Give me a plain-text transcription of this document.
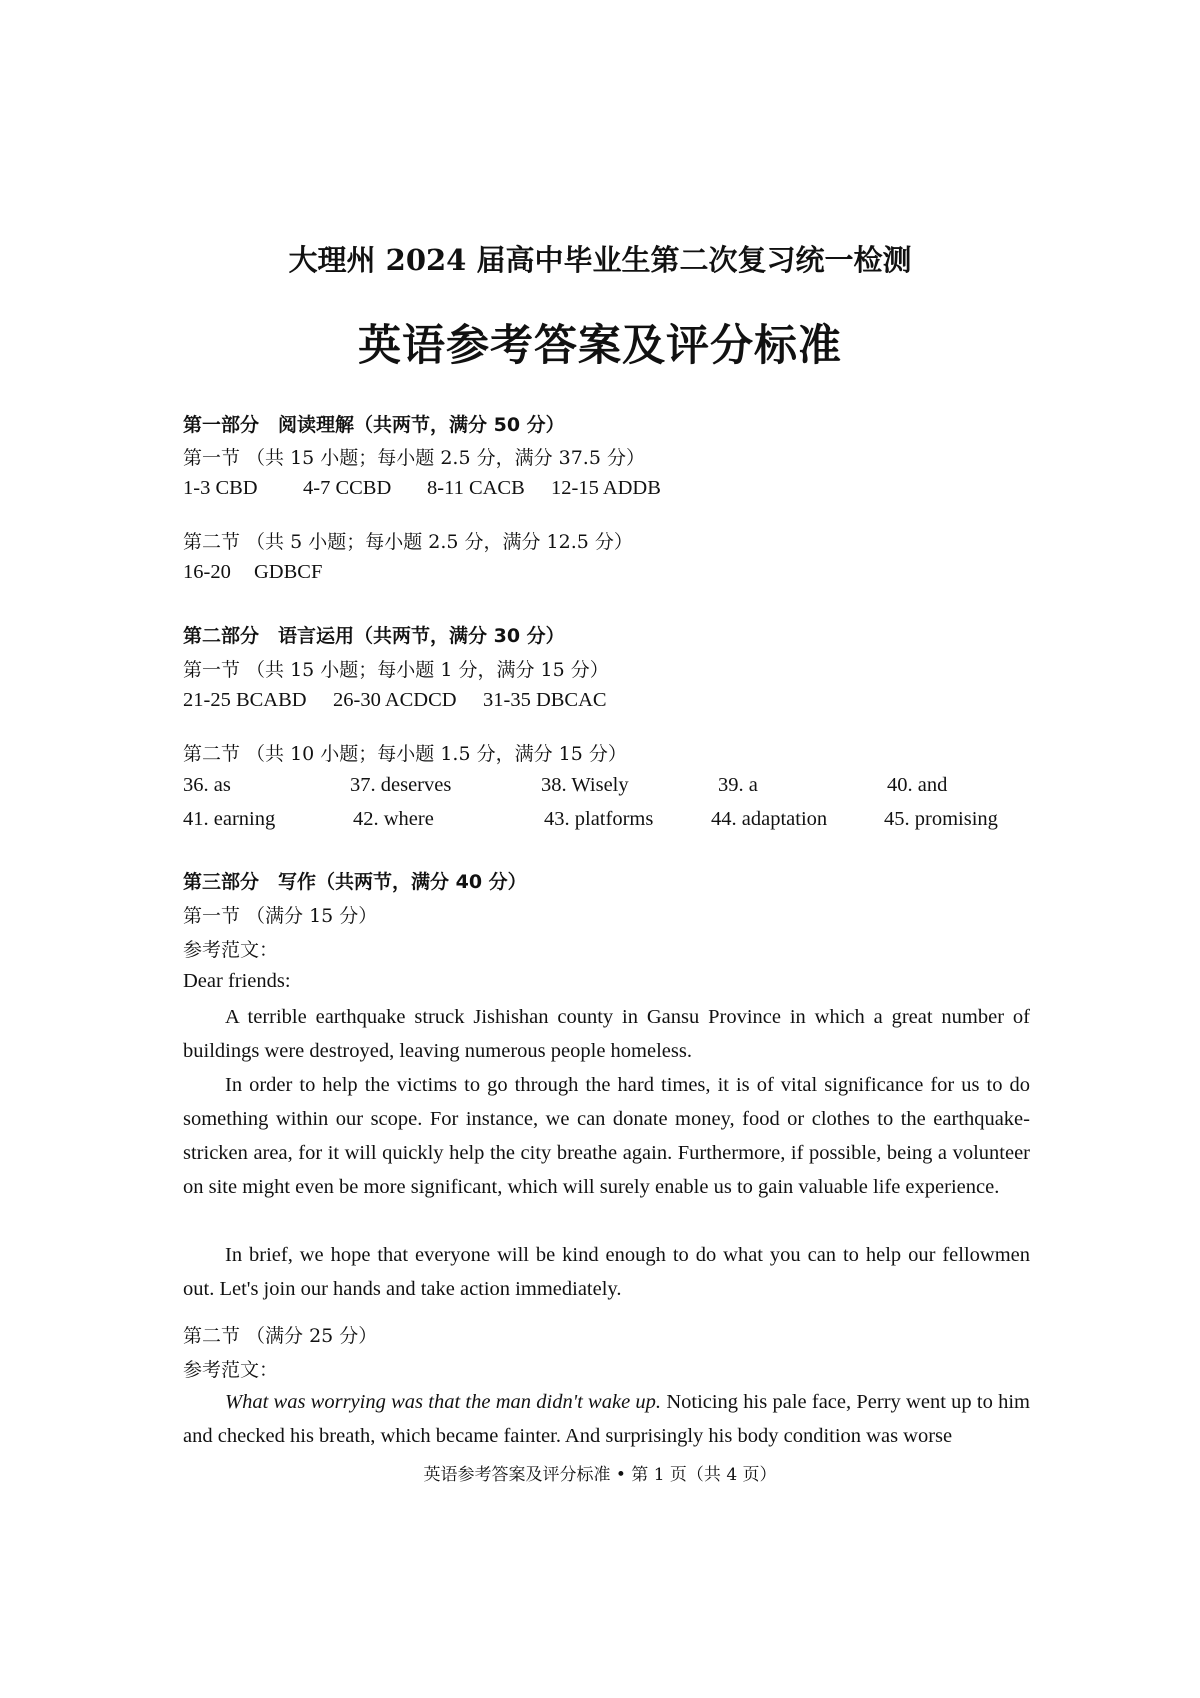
大理州 2024 届高中毕业生第二次复习统一检测
英语参考答案及评分标准
第一部分　阅读理解（共两节，满分 50 分）
第一节 （共 15 小题；每小题 2.5 分，满分 37.5 分）
1-3 CBD 4-7 CCBD 8-11 CACB 12-15 ADDB
第二节 （共 5 小题；每小题 2.5 分，满分 12.5 分）
16-20 GDBCF
第二部分　语言运用（共两节，满分 30 分）
第一节 （共 15 小题；每小题 1 分，满分 15 分）
21-25 BCABD 26-30 ACDCD 31-35 DBCAC
第二节 （共 10 小题；每小题 1.5 分，满分 15 分）
36. as	37. deserves	38. Wisely	39. a	40. and
41. earning	42. where	43. platforms	44. adaptation	45. promising
第三部分　写作（共两节，满分 40 分）
第一节 （满分 15 分）
参考范文：
Dear friends:
A terrible earthquake struck Jishishan county in Gansu Province in which a great number of buildings were destroyed, leaving numerous people homeless.
In order to help the victims to go through the hard times, it is of vital significance for us to do something within our scope. For instance, we can donate money, food or clothes to the earthquake-stricken area, for it will quickly help the city breathe again. Furthermore, if possible, being a volunteer on site might even be more significant, which will surely enable us to gain valuable life experience.
In brief, we hope that everyone will be kind enough to do what you can to help our fellowmen out. Let's join our hands and take action immediately.
第二节 （满分 25 分）
参考范文：
What was worrying was that the man didn't wake up. Noticing his pale face, Perry went up to him and checked his breath, which became fainter. And surprisingly his body condition was worse
英语参考答案及评分标准 • 第 1 页（共 4 页）
